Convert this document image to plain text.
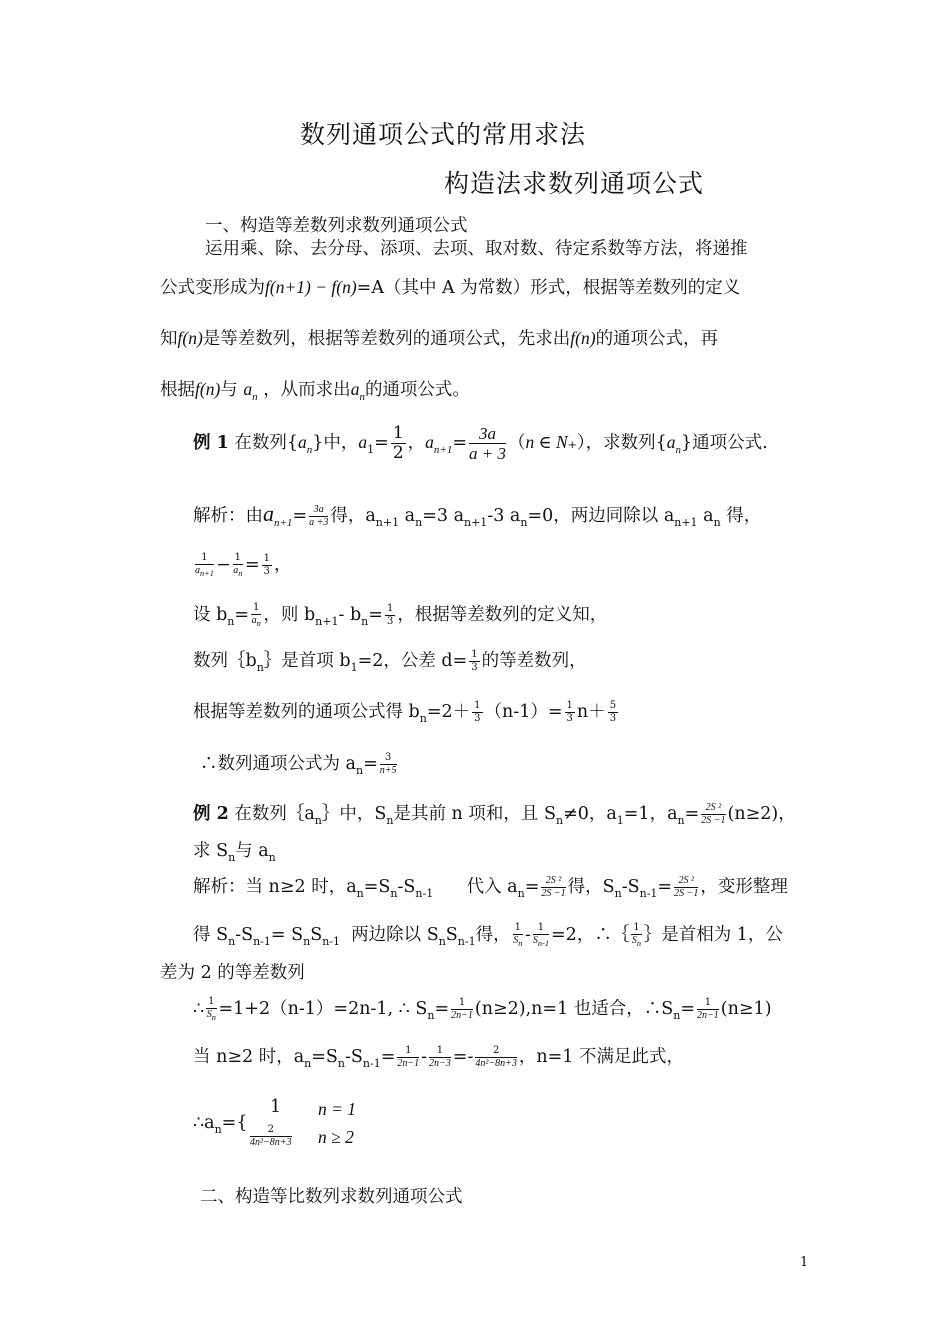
数列通项公式的常用求法
构造法求数列通项公式
一、构造等差数列求数列通项公式
运用乘、除、去分母、添项、去项、取对数、待定系数等方法，将递推
公式变形成为f(n+1) − f(n)=A（其中 A 为常数）形式，根据等差数列的定义
知f(n)是等差数列，根据等差数列的通项公式，先求出f(n)的通项公式，再
根据f(n)与 $a_n$ ，从而求出$a_n$的通项公式。
例 1 在数列$\{a_n\}$中，$a_1= \frac{1}{2}$ ，$a_{n+1}= \frac{3a}{a + 3} (n$ ∈ N₊），求数列$\{a_n\}$通项公式.
解析：由$a_{n+1}= \frac{3a}{a +3}$ 得，$a_{n+1}$ $a_n=3$ $a_{n+1}-3$ $a_n=0$，两边同除以 $a_{n+1}$ $a_n$ 得，
$\frac{1}{a_{n+1}} - \frac{1}{a_n} = \frac{1}{3}$ ，
设 $b_n= \frac{1}{a_n}$ ，则 $b_{n+1}-$ $b_n= \frac{1}{3}$ ，根据等差数列的定义知，
数列$\{b_n\}$是首项 $b_1=2$，公差 $d= \frac{1}{3}$ 的等差数列，
根据等差数列的通项公式得 $b_n=2+ \frac{1}{3} (n-1)= \frac{1}{3} n+ \frac{5}{3}$
∴数列通项公式为 $a_n= \frac{3}{n+5}$
例 2 在数列$\{a_n\}$中，$S_n$是其前 n 项和，且 $S_n\ne 0$，$a_1=1$，$a_n= \frac{\text{2S ²}}{2S -1} (n\ge 2)$，
求 $S_n$与 $a_n$
解析：当 n≥2 时，$a_n=S_n-S_{n-1}$ 代入 $a_n= \frac{\text{2S ²}}{2S -1}$ 得，$S_n-S_{n-1}= \frac{\text{2S ²}}{2S -1}$ ，变形整理
得 $S_n-S_{n-1}= S_nS_{n-1}$ 两边除以 $S_nS_{n-1}$得， $\frac{1}{S_n} - \frac{1}{S_{n-1}} =2$，∴｛ $\frac{1}{S_n}$ ｝是首相为 1，公
差为 2 的等差数列
∴ $\frac{1}{S_n} =1+2(n-1)=2n-1$, ∴ $S_n= \frac{1}{2n-1} (n\ge 2),n=1$ 也适合，$\therefore S_n= \frac{1}{2n-1} (n\ge 1)$
当 n≥2 时，$a_n=S_n-S_{n-1}= \frac{1}{2n-1} - \frac{1}{2n-3} =- \frac{2}{\text{4n²−8n+3}}$ ，n=1 不满足此式，
$\therefore a_n=${
1 n = 1
$\frac{2}{\text{4n²−8n+3}}$ n ≥ 2
二、构造等比数列求数列通项公式
1
